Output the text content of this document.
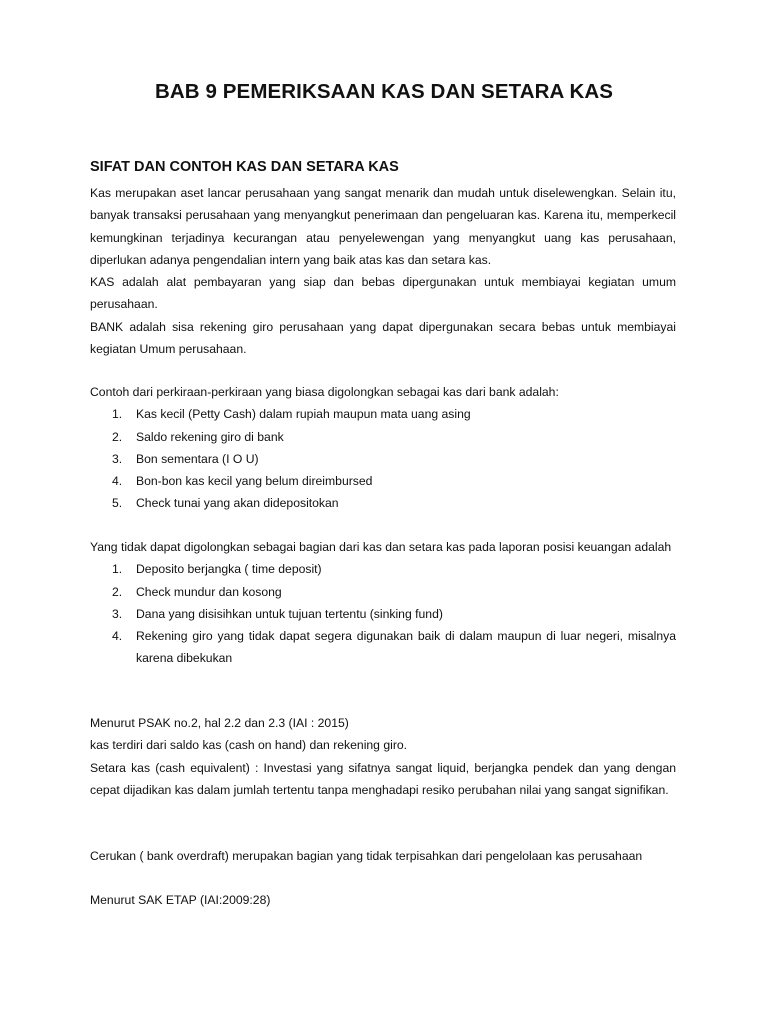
BAB 9 PEMERIKSAAN KAS DAN SETARA KAS
SIFAT DAN CONTOH KAS DAN SETARA KAS

Kas merupakan aset lancar perusahaan yang sangat menarik dan mudah untuk diselewengkan. Selain itu, banyak transaksi perusahaan yang menyangkut penerimaan dan pengeluaran kas. Karena itu, memperkecil kemungkinan terjadinya kecurangan atau penyelewengan yang menyangkut uang kas perusahaan, diperlukan adanya pengendalian intern yang baik atas kas dan setara kas.

KAS adalah alat pembayaran yang siap dan bebas dipergunakan untuk membiayai kegiatan umum perusahaan.

BANK adalah sisa rekening giro perusahaan yang dapat dipergunakan secara bebas untuk membiayai kegiatan Umum perusahaan.

Contoh dari perkiraan-perkiraan yang biasa digolongkan sebagai kas dari bank adalah:

1. Kas kecil (Petty Cash) dalam rupiah maupun mata uang asing
2. Saldo rekening giro di bank
3. Bon sementara (I O U)
4. Bon-bon kas kecil yang belum direimbursed
5. Check tunai yang akan didepositokan

Yang tidak dapat digolongkan sebagai bagian dari kas dan setara kas pada laporan posisi keuangan adalah

1. Deposito berjangka ( time deposit)
2. Check mundur dan kosong
3. Dana yang disisihkan untuk tujuan tertentu (sinking fund)
4. Rekening giro yang tidak dapat segera digunakan baik di dalam maupun di luar negeri, misalnya karena dibekukan

Menurut PSAK no.2, hal 2.2 dan 2.3 (IAI : 2015)

kas terdiri dari saldo kas (cash on hand) dan rekening giro.

Setara kas (cash equivalent) : Investasi yang sifatnya sangat liquid, berjangka pendek dan yang dengan cepat dijadikan kas dalam jumlah tertentu tanpa menghadapi resiko perubahan nilai yang sangat signifikan.

Cerukan ( bank overdraft) merupakan bagian yang tidak terpisahkan dari pengelolaan kas perusahaan
Menurut SAK ETAP (IAI:2009:28)
